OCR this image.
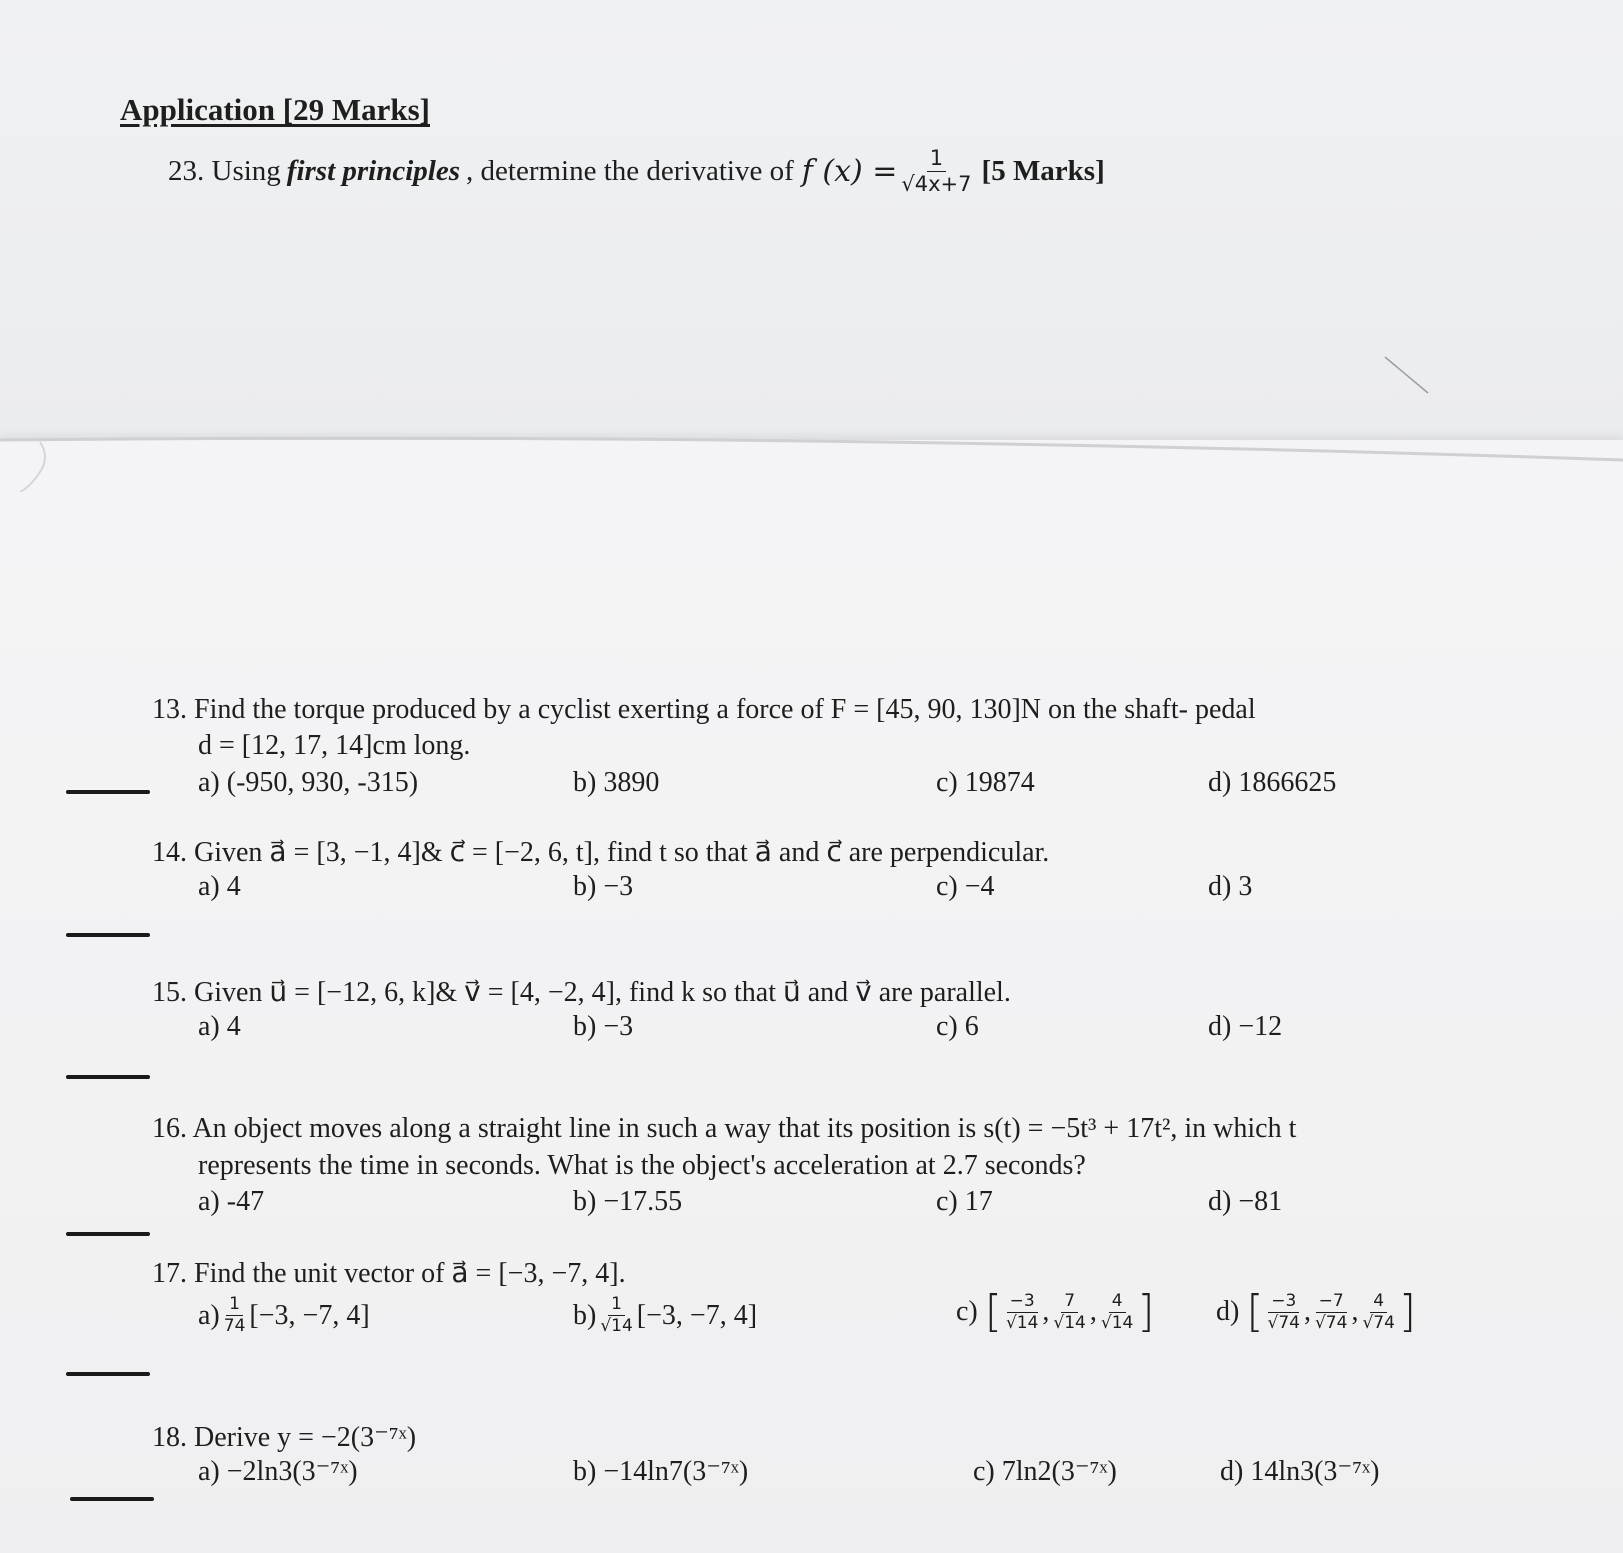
Application [29 Marks]
23.
Using first principles , determine the derivative of f $(x) = \frac{1}{√4x+7} [5$ Marks]
13. Find the torque produced by a cyclist exerting a force of F = [45, 90, 130]N on the shaft- pedal
d = [12, 17, 14]cm long.
a) (-950, 930, -315)	b) 3890	c) 19874	d) 1866625
14. Given a⃗ = [3, −1, 4]& c⃗ = [−2, 6, t], find t so that a⃗ and c⃗ are perpendicular.
a) 4	b) −3	c) −4	d) 3
15. Given u⃗ = [−12, 6, k]& v⃗ = [4, −2, 4], find k so that u⃗ and v⃗ are parallel.
a) 4	b) −3	c) 6	d) −12
16. An object moves along a straight line in such a way that its position is s(t) = −5t³ + 17t², in which t
represents the time in seconds. What is the object's acceleration at 2.7 seconds?
a) -47	b) −17.55	c) 17	d) −81
17. Find the unit vector of a⃗ = [−3, −7, 4].
$a) \frac{1}{74} [-3$, −7, 4]	$b) \frac{1}{√14} [-3$, −7, 4]	c)
[ $\frac{-3}{√14}$ , $\frac{7}{√14}$ , $\frac{4}{√14}$ ] d)
[ $\frac{-3}{√74}$ , $\frac{-7}{√74}$ , $\frac{4}{√74}$ ]
18. Derive y = −2(3⁻⁷ˣ)
a) −2ln3(3⁻⁷ˣ)	b) −14ln7(3⁻⁷ˣ)	c) 7ln2(3⁻⁷ˣ)	d) 14ln3(3⁻⁷ˣ)
